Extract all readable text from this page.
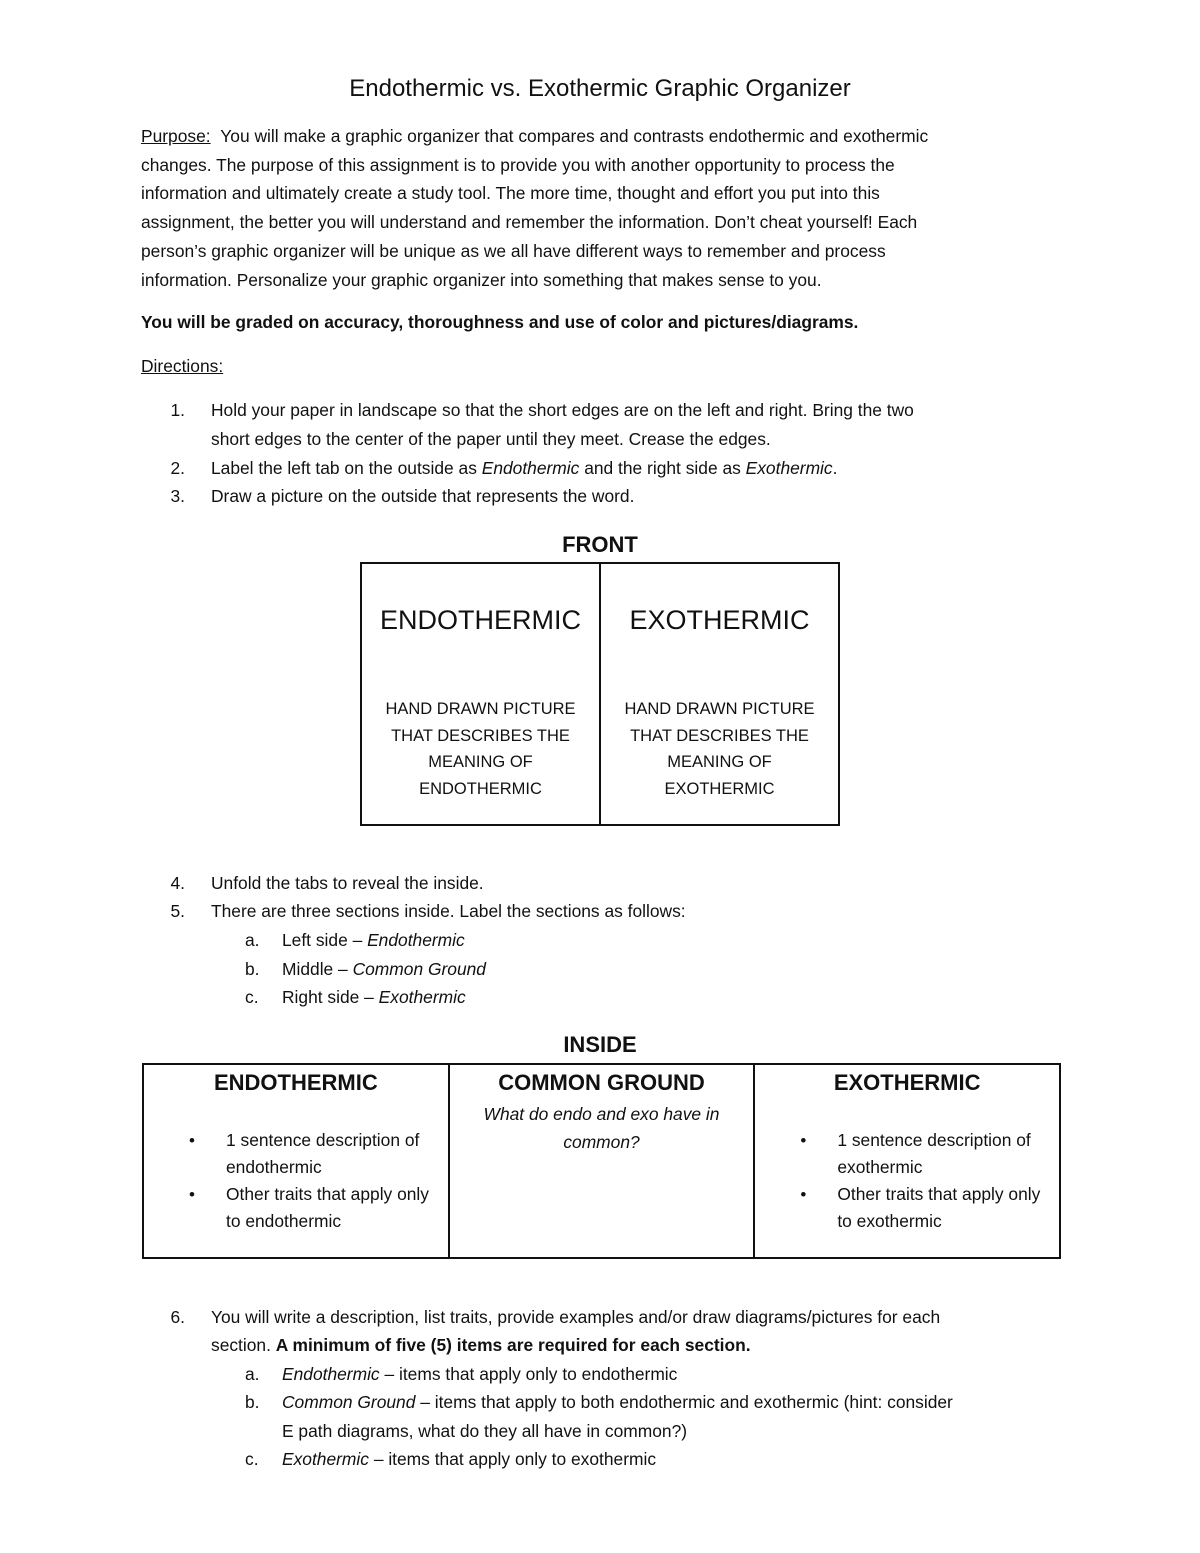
Endothermic vs. Exothermic Graphic Organizer
Purpose: You will make a graphic organizer that compares and contrasts endothermic and exothermic
changes. The purpose of this assignment is to provide you with another opportunity to process the
information and ultimately create a study tool. The more time, thought and effort you put into this
assignment, the better you will understand and remember the information. Don’t cheat yourself! Each
person’s graphic organizer will be unique as we all have different ways to remember and process
information. Personalize your graphic organizer into something that makes sense to you.
You will be graded on accuracy, thoroughness and use of color and pictures/diagrams.
Directions:
1. Hold your paper in landscape so that the short edges are on the left and right. Bring the two
short edges to the center of the paper until they meet. Crease the edges.
2. Label the left tab on the outside as Endothermic and the right side as Exothermic.
3. Draw a picture on the outside that represents the word.
FRONT
ENDOTHERMIC
HAND DRAWN PICTURE
THAT DESCRIBES THE
MEANING OF
ENDOTHERMIC
EXOTHERMIC
HAND DRAWN PICTURE
THAT DESCRIBES THE
MEANING OF
EXOTHERMIC
4. Unfold the tabs to reveal the inside.
5. There are three sections inside. Label the sections as follows:
a. Left side – Endothermic
b. Middle – Common Ground
c. Right side – Exothermic
INSIDE
ENDOTHERMIC
• 1 sentence description of endothermic
• Other traits that apply only to endothermic
COMMON GROUND
What do endo and exo have in common?
EXOTHERMIC
• 1 sentence description of exothermic
• Other traits that apply only to exothermic
6. You will write a description, list traits, provide examples and/or draw diagrams/pictures for each
section. A minimum of five (5) items are required for each section.
a. Endothermic – items that apply only to endothermic
b. Common Ground – items that apply to both endothermic and exothermic (hint: consider
E path diagrams, what do they all have in common?)
c. Exothermic – items that apply only to exothermic
